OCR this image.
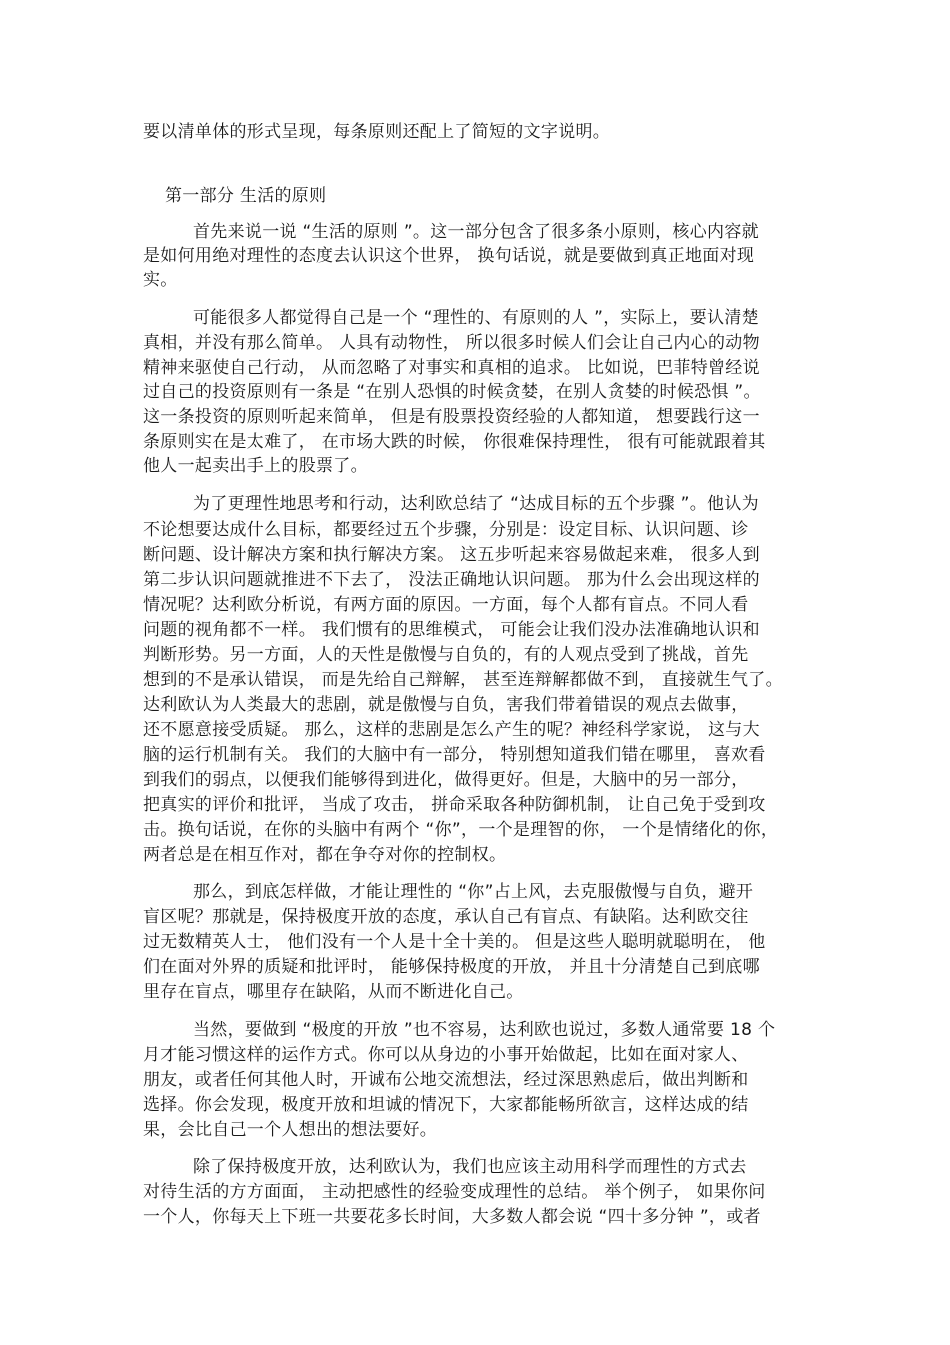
要以清单体的形式呈现，每条原则还配上了简短的文字说明。
第一部分 生活的原则
首先来说一说 “生活的原则 ”。这一部分包含了很多条小原则，核心内容就
是如何用绝对理性的态度去认识这个世界， 换句话说，就是要做到真正地面对现
实。
可能很多人都觉得自己是一个 “理性的、有原则的人 ”，实际上，要认清楚
真相，并没有那么简单。 人具有动物性， 所以很多时候人们会让自己内心的动物
精神来驱使自己行动， 从而忽略了对事实和真相的追求。 比如说，巴菲特曾经说
过自己的投资原则有一条是 “在别人恐惧的时候贪婪，在别人贪婪的时候恐惧 ”。
这一条投资的原则听起来简单， 但是有股票投资经验的人都知道， 想要践行这一
条原则实在是太难了， 在市场大跌的时候， 你很难保持理性， 很有可能就跟着其
他人一起卖出手上的股票了。
为了更理性地思考和行动，达利欧总结了 “达成目标的五个步骤 ”。他认为
不论想要达成什么目标，都要经过五个步骤，分别是：设定目标、认识问题、诊
断问题、设计解决方案和执行解决方案。 这五步听起来容易做起来难， 很多人到
第二步认识问题就推进不下去了， 没法正确地认识问题。 那为什么会出现这样的
情况呢？达利欧分析说，有两方面的原因。一方面，每个人都有盲点。不同人看
问题的视角都不一样。 我们惯有的思维模式， 可能会让我们没办法准确地认识和
判断形势。另一方面，人的天性是傲慢与自负的，有的人观点受到了挑战，首先
想到的不是承认错误， 而是先给自己辩解， 甚至连辩解都做不到， 直接就生气了。
达利欧认为人类最大的悲剧，就是傲慢与自负，害我们带着错误的观点去做事，
还不愿意接受质疑。 那么，这样的悲剧是怎么产生的呢？神经科学家说， 这与大
脑的运行机制有关。 我们的大脑中有一部分， 特别想知道我们错在哪里， 喜欢看
到我们的弱点，以便我们能够得到进化，做得更好。但是，大脑中的另一部分，
把真实的评价和批评， 当成了攻击， 拼命采取各种防御机制， 让自己免于受到攻
击。换句话说，在你的头脑中有两个 “你”，一个是理智的你， 一个是情绪化的你，
两者总是在相互作对，都在争夺对你的控制权。
那么，到底怎样做，才能让理性的 “你”占上风，去克服傲慢与自负，避开
盲区呢？那就是，保持极度开放的态度，承认自己有盲点、有缺陷。达利欧交往
过无数精英人士， 他们没有一个人是十全十美的。 但是这些人聪明就聪明在， 他
们在面对外界的质疑和批评时， 能够保持极度的开放， 并且十分清楚自己到底哪
里存在盲点，哪里存在缺陷，从而不断进化自己。
当然，要做到 “极度的开放 ”也不容易，达利欧也说过，多数人通常要 18 个
月才能习惯这样的运作方式。你可以从身边的小事开始做起，比如在面对家人、
朋友，或者任何其他人时，开诚布公地交流想法，经过深思熟虑后，做出判断和
选择。你会发现，极度开放和坦诚的情况下，大家都能畅所欲言，这样达成的结
果，会比自己一个人想出的想法要好。
除了保持极度开放，达利欧认为，我们也应该主动用科学而理性的方式去
对待生活的方方面面， 主动把感性的经验变成理性的总结。 举个例子， 如果你问
一个人，你每天上下班一共要花多长时间，大多数人都会说 “四十多分钟 ”，或者
